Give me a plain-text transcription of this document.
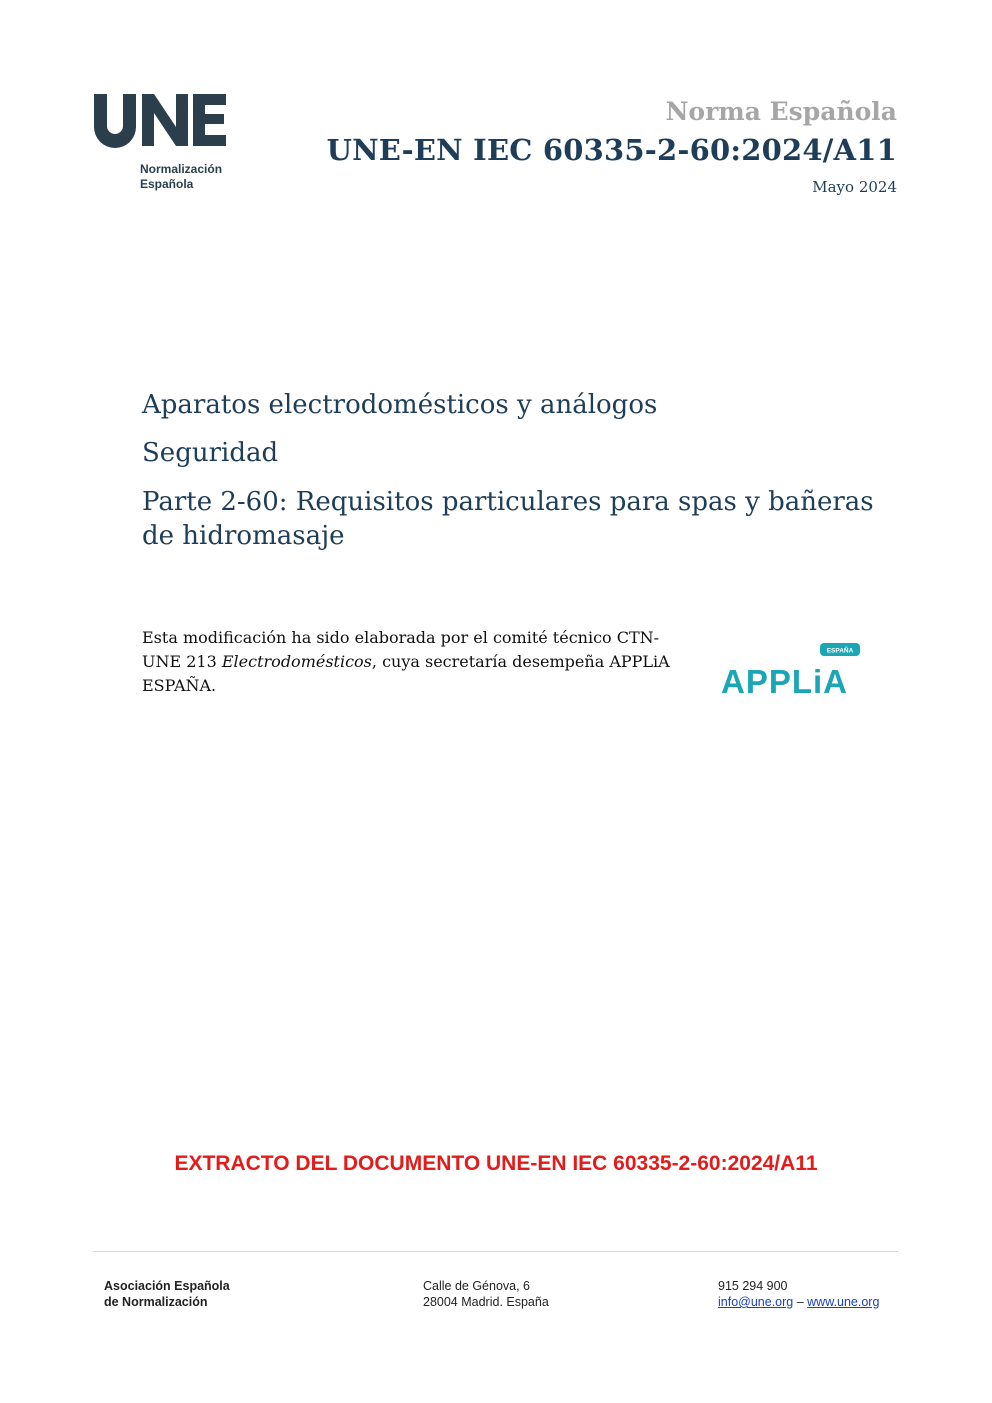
Normalización
Española
Norma Española
UNE-EN IEC 60335-2-60:2024/A11
Mayo 2024
Aparatos electrodomésticos y análogos
Seguridad
Parte 2-60: Requisitos particulares para spas y bañeras de hidromasaje
Esta modificación ha sido elaborada por el comité técnico CTN-UNE 213 Electrodomésticos, cuya secretaría desempeña APPLiA ESPAÑA.
ESPAÑA
APPLiA
EXTRACTO DEL DOCUMENTO UNE-EN IEC 60335-2-60:2024/A11
Asociación Española
de Normalización
Calle de Génova, 6
28004 Madrid. España
915 294 900
info@une.org – www.une.org
